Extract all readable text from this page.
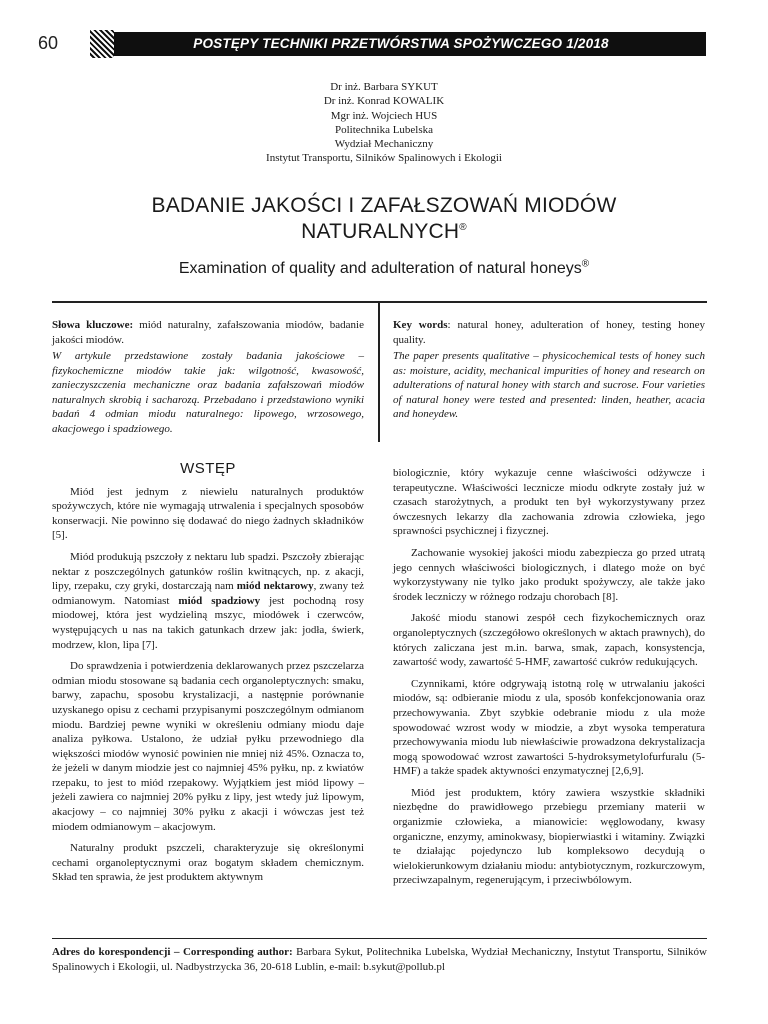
60	POSTĘPY TECHNIKI PRZETWÓRSTWA SPOŻYWCZEGO 1/2018
Dr inż. Barbara SYKUT
Dr inż. Konrad KOWALIK
Mgr inż. Wojciech HUS
Politechnika Lubelska
Wydział Mechaniczny
Instytut Transportu, Silników Spalinowych i Ekologii
BADANIE JAKOŚCI I ZAFAŁSZOWAŃ MIODÓW
NATURALNYCH®
Examination of quality and adulteration of natural honeys®

Słowa kluczowe: miód naturalny, zafałszowania miodów, badanie jakości miodów.

W artykule przedstawione zostały badania jakościowe – fizykochemiczne miodów takie jak: wilgotność, kwasowość, zanieczyszczenia mechaniczne oraz badania zafałszowań miodów naturalnych skrobią i sacharozą. Przebadano i przedstawiono wyniki badań 4 odmian miodu naturalnego: lipowego, wrzosowego, akacjowego i spadziowego.

Key words: natural honey, adulteration of honey, testing honey quality.

The paper presents qualitative – physicochemical tests of honey such as: moisture, acidity, mechanical impurities of honey and research on adulterations of natural honey with starch and sucrose. Four varieties of natural honey were tested and presented: linden, heather, acacia and honeydew.

WSTĘP

Miód jest jednym z niewielu naturalnych produktów spożywczych, które nie wymagają utrwalenia i specjalnych sposobów konserwacji. Nie powinno się dodawać do niego żadnych składników [5].

Miód produkują pszczoły z nektaru lub spadzi. Pszczoły zbierając nektar z poszczególnych gatunków roślin kwitnących, np. z akacji, lipy, rzepaku, czy gryki, dostarczają nam miód nektarowy, zwany też odmianowym. Natomiast miód spadziowy jest pochodną rosy miodowej, która jest wydzieliną mszyc, miodówek i czerwców, występujących u nas na takich gatunkach drzew jak: jodła, świerk, modrzew, klon, lipa [7].

Do sprawdzenia i potwierdzenia deklarowanych przez pszczelarza odmian miodu stosowane są badania cech organoleptycznych: smaku, barwy, zapachu, sposobu krystalizacji, a następnie porównanie uzyskanego opisu z cechami przypisanymi poszczególnym odmianom miodu. Bardziej pewne wyniki w określeniu odmiany miodu daje analiza pyłkowa. Ustalono, że udział pyłku przewodniego dla większości miodów wynosić powinien nie mniej niż 45%. Oznacza to, że jeżeli w danym miodzie jest co najmniej 45% pyłku, np. z kwiatów rzepaku, to jest to miód rzepakowy. Wyjątkiem jest miód lipowy – jeżeli zawiera co najmniej 20% pyłku z lipy, jest wtedy już lipowym, akacjowy – co najmniej 30% pyłku z akacji i wówczas jest też miodem odmianowym – akacjowym.

Naturalny produkt pszczeli, charakteryzuje się określonymi cechami organoleptycznymi oraz bogatym składem chemicznym. Skład ten sprawia, że jest produktem aktywnym

biologicznie, który wykazuje cenne właściwości odżywcze i terapeutyczne. Właściwości lecznicze miodu odkryte zostały już w czasach starożytnych, a produkt ten był wykorzystywany przez ówczesnych lekarzy dla zachowania zdrowia człowieka, jego sprawności psychicznej i fizycznej.

Zachowanie wysokiej jakości miodu zabezpiecza go przed utratą jego cennych właściwości biologicznych, i dlatego może on być wykorzystywany nie tylko jako produkt spożywczy, ale także jako środek leczniczy w różnego rodzaju chorobach [8].

Jakość miodu stanowi zespół cech fizykochemicznych oraz organoleptycznych (szczegółowo określonych w aktach prawnych), do których zaliczana jest m.in. barwa, smak, zapach, konsystencja, zawartość wody, zawartość 5-HMF, zawartość cukrów redukujących.

Czynnikami, które odgrywają istotną rolę w utrwalaniu jakości miodów, są: odbieranie miodu z ula, sposób konfekcjonowania oraz przechowywania. Zbyt szybkie odebranie miodu z ula może spowodować wzrost wody w miodzie, a zbyt wysoka temperatura przechowywania miodu lub niewłaściwie prowadzona dekrystalizacja mogą spowodować wzrost zawartości 5-hydroksymetylofurfuralu (5-HMF) a także spadek aktywności enzymatycznej [2,6,9].

Miód jest produktem, który zawiera wszystkie składniki niezbędne do prawidłowego przebiegu przemiany materii w organizmie człowieka, a mianowicie: węglowodany, kwasy organiczne, enzymy, aminokwasy, biopierwiastki i witaminy. Związki te działając pojedynczo lub kompleksowo decydują o wielokierunkowym działaniu miodu: antybiotycznym, rozkurczowym, przeciwzapalnym, regenerującym, i przeciwbólowym.

Adres do korespondencji – Corresponding author: Barbara Sykut, Politechnika Lubelska, Wydział Mechaniczny, Instytut Transportu, Silników Spalinowych i Ekologii, ul. Nadbystrzycka 36, 20-618 Lublin, e-mail: b.sykut@pollub.pl
